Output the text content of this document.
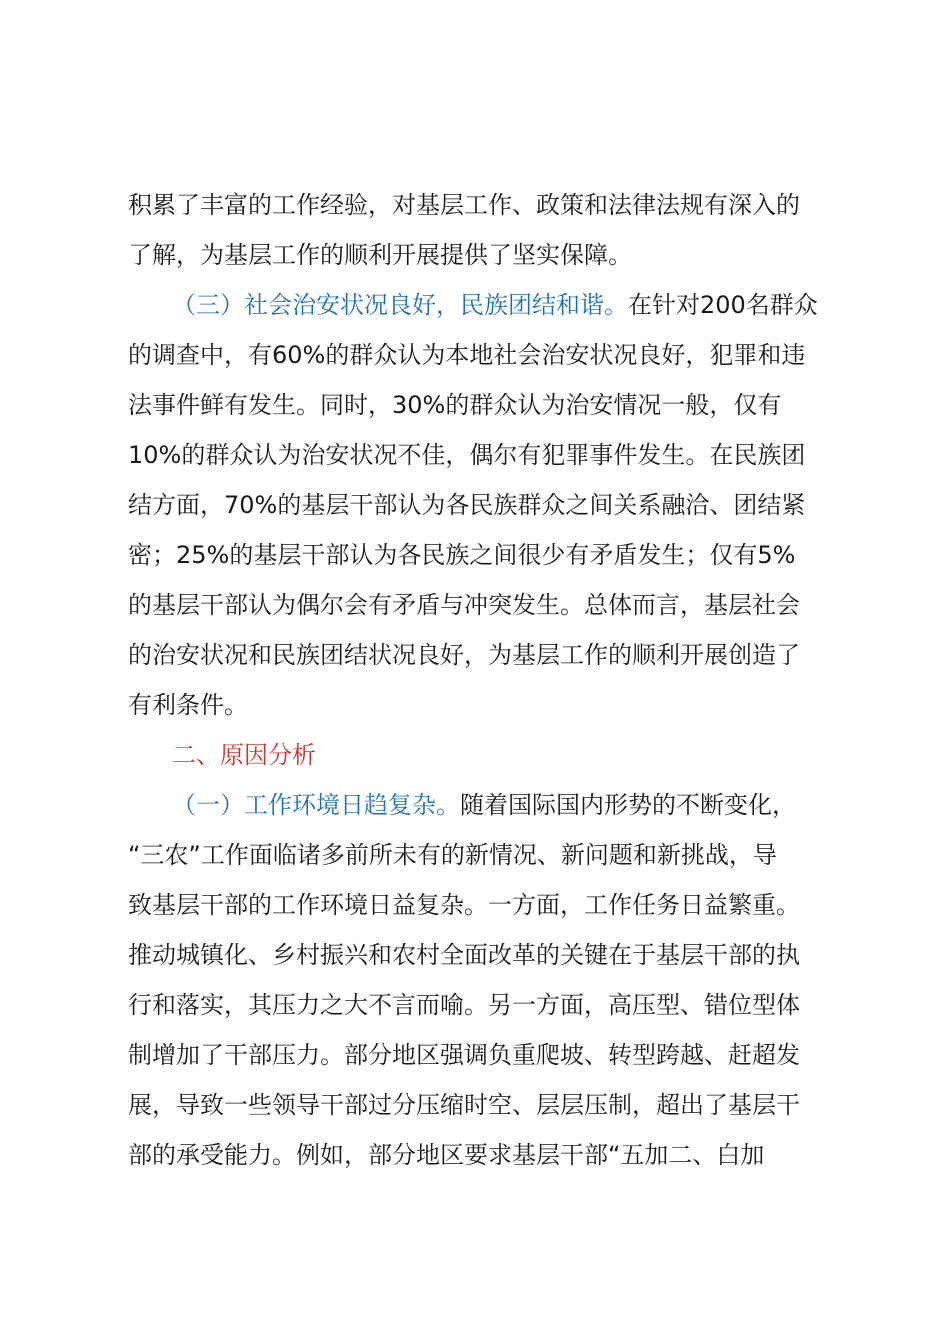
积累了丰富的工作经验，对基层工作、政策和法律法规有深入的
了解，为基层工作的顺利开展提供了坚实保障。
（三）社会治安状况良好，民族团结和谐。在针对200名群众
的调查中，有60%的群众认为本地社会治安状况良好，犯罪和违
法事件鲜有发生。同时，30%的群众认为治安情况一般，仅有
10%的群众认为治安状况不佳，偶尔有犯罪事件发生。在民族团
结方面，70%的基层干部认为各民族群众之间关系融洽、团结紧
密；25%的基层干部认为各民族之间很少有矛盾发生；仅有5%
的基层干部认为偶尔会有矛盾与冲突发生。总体而言，基层社会
的治安状况和民族团结状况良好，为基层工作的顺利开展创造了
有利条件。
二、原因分析
（一）工作环境日趋复杂。随着国际国内形势的不断变化，
“三农”工作面临诸多前所未有的新情况、新问题和新挑战，导
致基层干部的工作环境日益复杂。一方面，工作任务日益繁重。
推动城镇化、乡村振兴和农村全面改革的关键在于基层干部的执
行和落实，其压力之大不言而喻。另一方面，高压型、错位型体
制增加了干部压力。部分地区强调负重爬坡、转型跨越、赶超发
展，导致一些领导干部过分压缩时空、层层压制，超出了基层干
部的承受能力。例如，部分地区要求基层干部“五加二、白加
